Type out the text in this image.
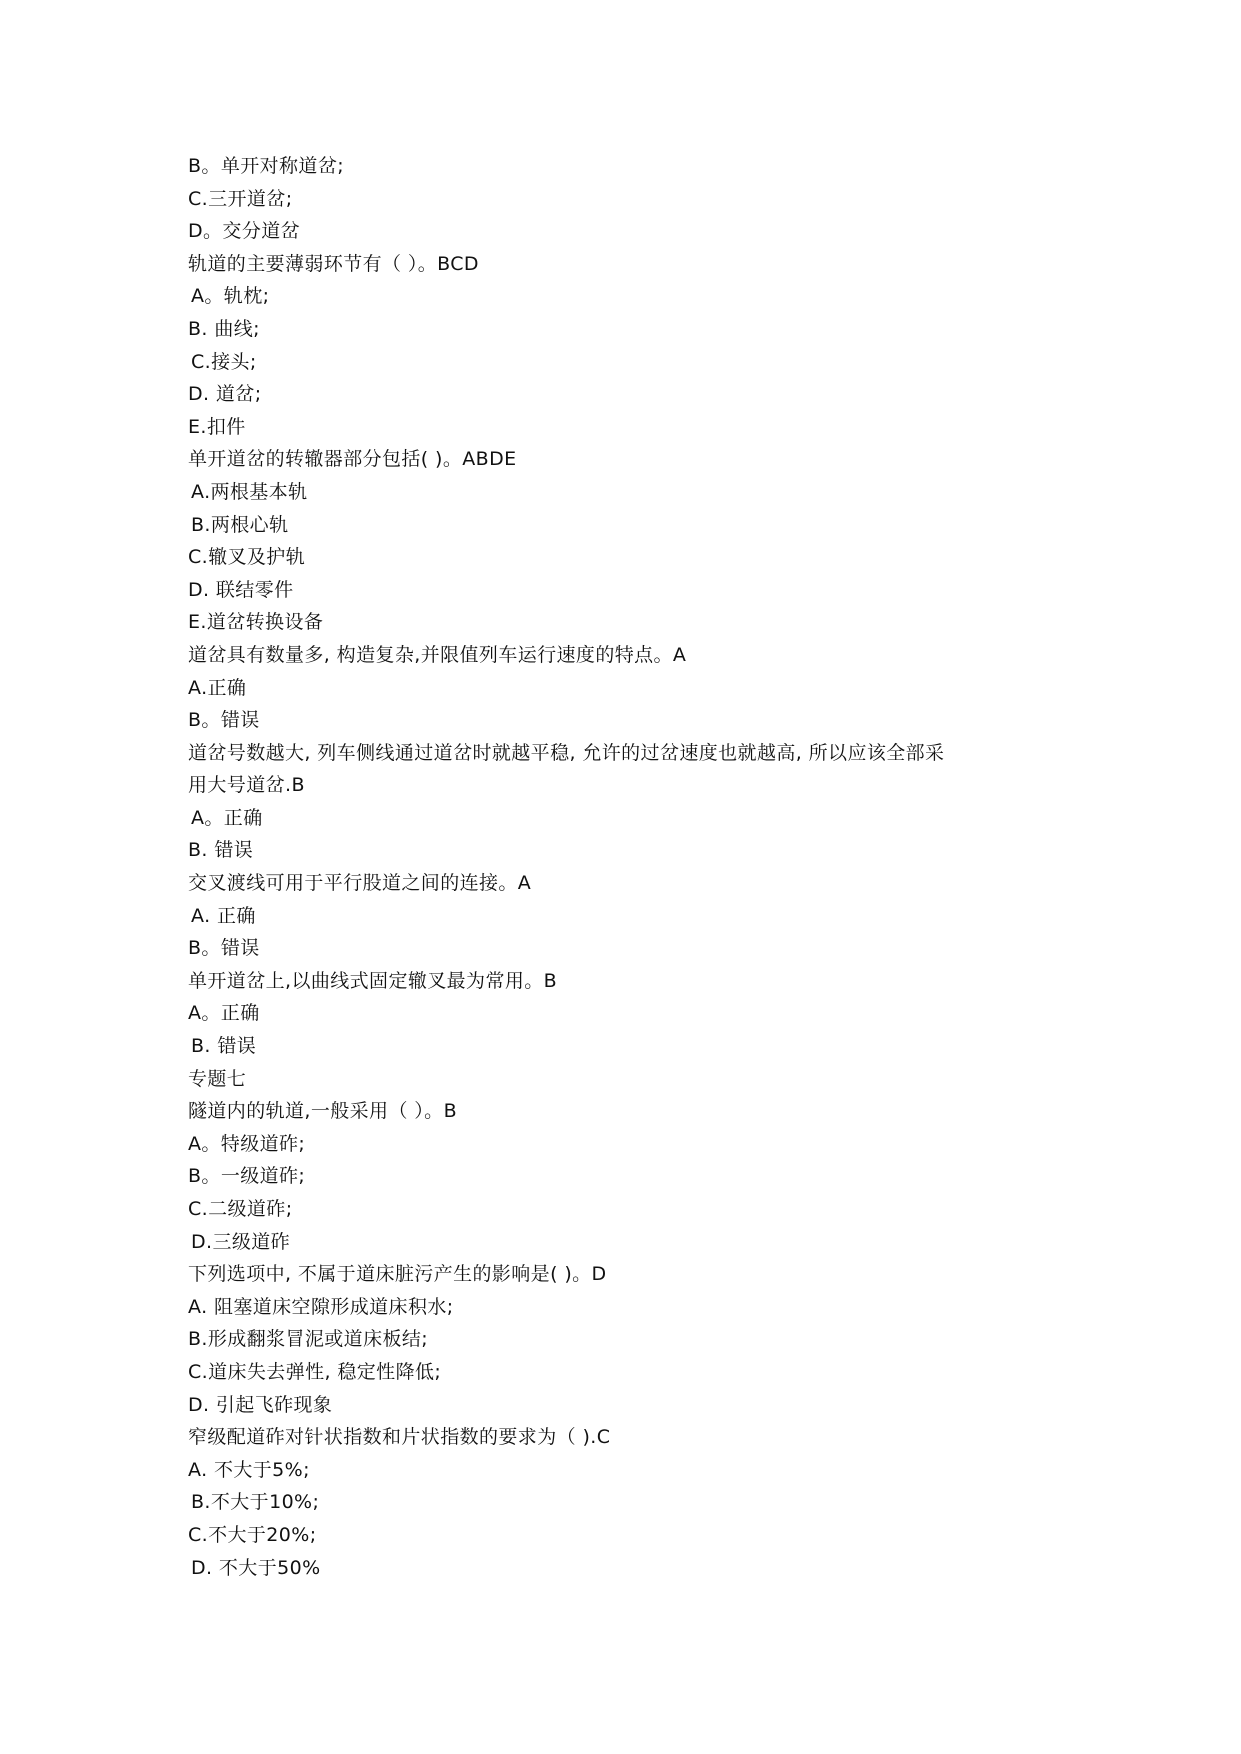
B。单开对称道岔;
C.三开道岔;
D。交分道岔
轨道的主要薄弱环节有（ ）。BCD
A。轨枕;
B. 曲线;
C.接头;
D. 道岔;
E.扣件
单开道岔的转辙器部分包括( )。ABDE
A.两根基本轨
B.两根心轨
C.辙叉及护轨
D. 联结零件
E.道岔转换设备
道岔具有数量多, 构造复杂,并限值列车运行速度的特点。A
A.正确
B。错误
道岔号数越大, 列车侧线通过道岔时就越平稳, 允许的过岔速度也就越高, 所以应该全部采
用大号道岔.B
A。正确
B. 错误
交叉渡线可用于平行股道之间的连接。A
A. 正确
B。错误
单开道岔上,以曲线式固定辙叉最为常用。B
A。正确
B. 错误
专题七
隧道内的轨道,一般采用（ ）。B
A。特级道砟;
B。一级道砟;
C.二级道砟;
D.三级道砟
下列选项中, 不属于道床脏污产生的影响是( )。D
A. 阻塞道床空隙形成道床积水;
B.形成翻浆冒泥或道床板结;
C.道床失去弹性, 稳定性降低;
D. 引起飞砟现象
窄级配道砟对针状指数和片状指数的要求为（ ).C
A. 不大于5%;
B.不大于10%;
C.不大于20%;
D. 不大于50%
